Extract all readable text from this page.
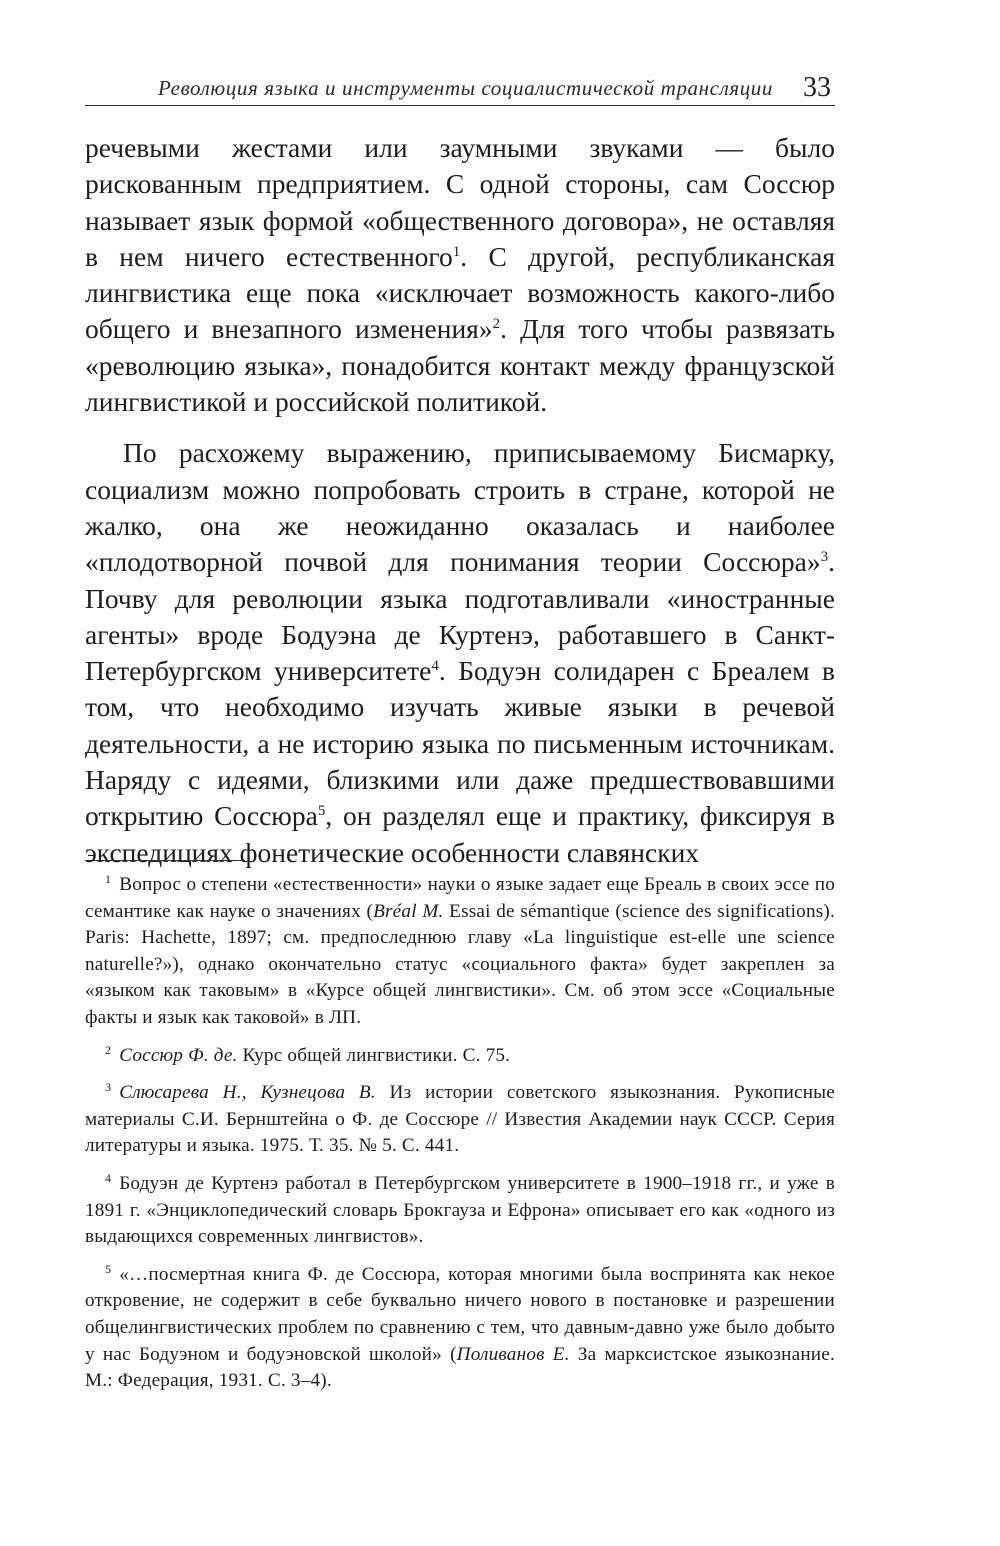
Революция языка и инструменты социалистической трансляции 33

речевыми жестами или заумными звуками — было рискованным предприятием. С одной стороны, сам Соссюр называет язык формой «общественного договора», не оставляя в нем ничего естественного$^1$. С другой, республиканская лингвистика еще пока «исключает возможность какого-либо общего и внезапного изменения»$^2$. Для того чтобы развязать «революцию языка», понадобится контакт между французской лингвистикой и российской политикой.

По расхожему выражению, приписываемому Бисмарку, социализм можно попробовать строить в стране, которой не жалко, она же неожиданно оказалась и наиболее «плодотворной почвой для понимания теории Соссюра»$^3$. Почву для революции языка подготавливали «иностранные агенты» вроде Бодуэна де Куртенэ, работавшего в Санкт-Петербургском университете$^4$. Бодуэн солидарен с Бреалем в том, что необходимо изучать живые языки в речевой деятельности, а не историю языка по письменным источникам. Наряду с идеями, близкими или даже предшествовавшими открытию Соссюра$^5$, он разделял еще и практику, фиксируя в экспедициях фонетические особенности славянских

$^1$ Вопрос о степени «естественности» науки о языке задает еще Бреаль в своих эссе по семантике как науке о значениях (Bréal M. Essai de sémantique (science des significations). Paris: Hachette, 1897; см. предпоследнюю главу «La linguistique est-elle une science naturelle?»), однако окончательно статус «социального факта» будет закреплен за «языком как таковым» в «Курсе общей лингвистики». См. об этом эссе «Социальные факты и язык как таковой» в ЛП.

$^2$ Соссюр Ф. де. Курс общей лингвистики. С. 75.

$^3$ Слюсарева Н., Кузнецова В. Из истории советского языкознания. Рукописные материалы С.И. Бернштейна о Ф. де Соссюре // Известия Академии наук СССР. Серия литературы и языка. 1975. Т. 35. № 5. С. 441.

$^4$ Бодуэн де Куртенэ работал в Петербургском университете в 1900–1918 гг., и уже в 1891 г. «Энциклопедический словарь Брокгауза и Ефрона» описывает его как «одного из выдающихся современных лингвистов».

$^5$ «…посмертная книга Ф. де Соссюра, которая многими была воспринята как некое откровение, не содержит в себе буквально ничего нового в постановке и разрешении общелингвистических проблем по сравнению с тем, что давным-давно уже было добыто у нас Бодуэном и бодуэновской школой» (Поливанов Е. За марксистское языкознание. М.: Федерация, 1931. С. 3–4).
